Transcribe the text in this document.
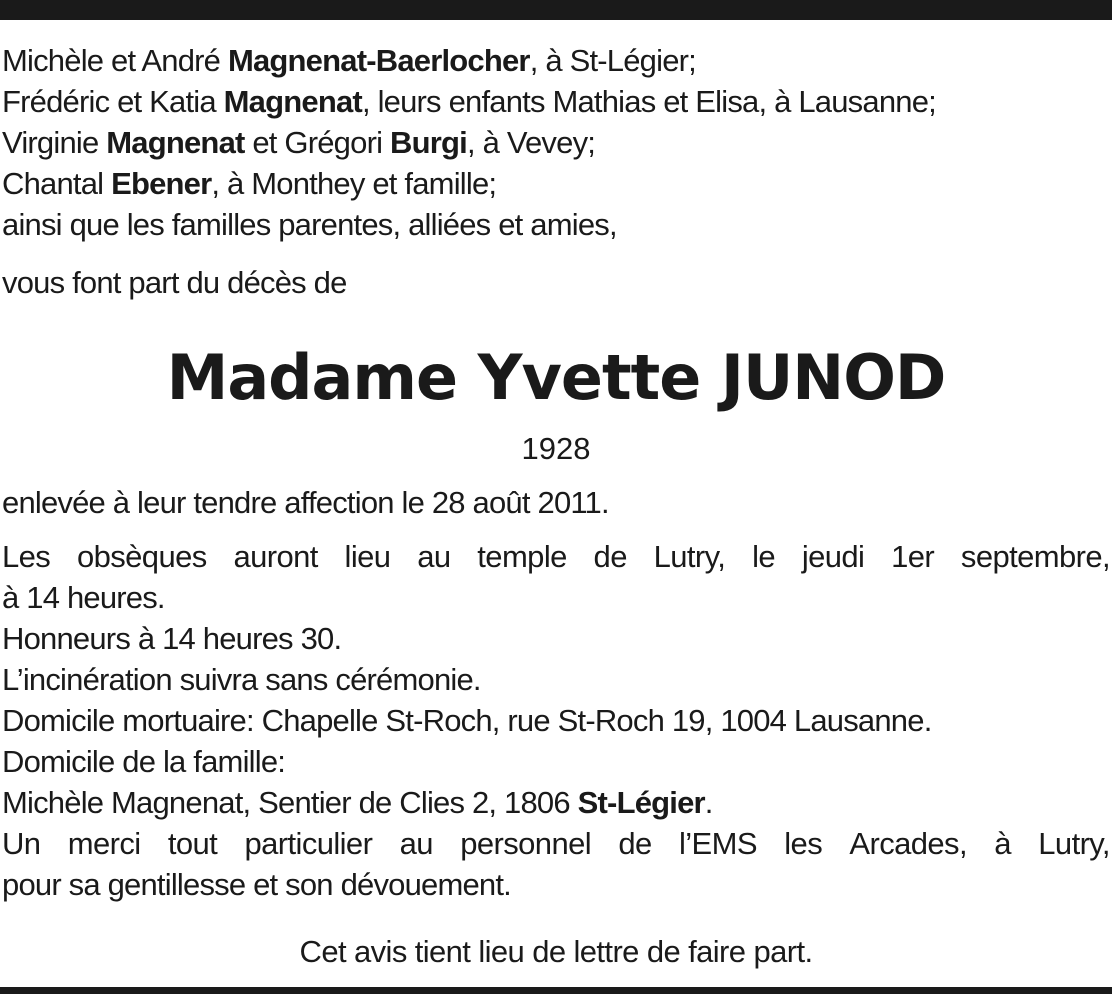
Michèle et André Magnenat-Baerlocher, à St-Légier;
Frédéric et Katia Magnenat, leurs enfants Mathias et Elisa, à Lausanne;
Virginie Magnenat et Grégori Burgi, à Vevey;
Chantal Ebener, à Monthey et famille;
ainsi que les familles parentes, alliées et amies,
vous font part du décès de
Madame Yvette JUNOD
1928
enlevée à leur tendre affection le 28 août 2011.
Les obsèques auront lieu au temple de Lutry, le jeudi 1er septembre,
à 14 heures.
Honneurs à 14 heures 30.
L’incinération suivra sans cérémonie.
Domicile mortuaire: Chapelle St-Roch, rue St-Roch 19, 1004 Lausanne.
Domicile de la famille:
Michèle Magnenat, Sentier de Clies 2, 1806 St-Légier.
Un merci tout particulier au personnel de l’EMS les Arcades, à Lutry,
pour sa gentillesse et son dévouement.
Cet avis tient lieu de lettre de faire part.
